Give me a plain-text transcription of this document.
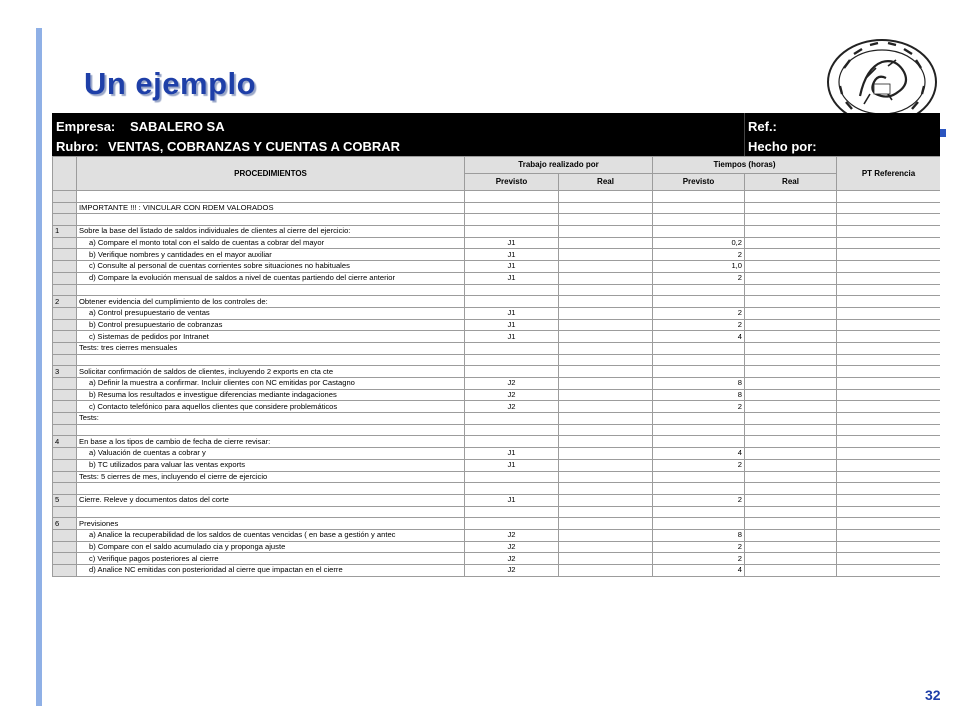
Un ejemplo
Empresa: SABALERO SA
Rubro: VENTAS, COBRANZAS Y CUENTAS A COBRAR
Ref.:
Hecho por:
	PROCEDIMIENTOS	Trabajo realizado por		Tiempos (horas)		PT Referencia
		Previsto	Real	Previsto	Real	

	IMPORTANTE !!! : VINCULAR CON RDEM VALORADOS					

1	Sobre la base del listado de saldos individuales de clientes al cierre del ejercicio:					
	a) Compare el monto total con el saldo de cuentas a cobrar del mayor	J1		0,2		
	b) Verifique nombres y cantidades en el mayor auxiliar	J1		2		
	c) Consulte al personal de cuentas corrientes sobre situaciones no habituales	J1		1,0		
	d) Compare la evolución mensual de saldos a nivel de cuentas partiendo del cierre anterior	J1		2		

2	Obtener evidencia del cumplimiento de los controles de:					
	a) Control presupuestario de ventas	J1		2		
	b) Control presupuestario de cobranzas	J1		2		
	c) Sistemas de pedidos por Intranet	J1		4		
	Tests: tres cierres mensuales					

3	Solicitar confirmación de saldos de clientes, incluyendo 2 exports en cta cte					
	a) Definir la muestra a confirmar. Incluir clientes con NC emitidas por Castagno	J2		8		
	b) Resuma los resultados e investigue diferencias mediante indagaciones	J2		8		
	c) Contacto telefónico para aquellos clientes que considere problemáticos	J2		2		
	Tests:					

4	En base a los tipos de cambio de fecha de cierre revisar:					
	a) Valuación de cuentas a cobrar y	J1		4		
	b) TC utilizados para valuar las ventas exports	J1		2		
	Tests: 5 cierres de mes, incluyendo el cierre de ejercicio					

5	Cierre. Releve y documentos datos del corte	J1		2		

6	Previsiones					
	a) Analice la recuperabilidad de los saldos de cuentas vencidas ( en base a gestión y antec	J2		8		
	b) Compare con el saldo acumulado cia y proponga ajuste	J2		2		
	c) Verifique pagos posteriores al cierre	J2		2		
	d) Analice NC emitidas con posterioridad al cierre que impactan en el cierre	J2		4		
32
